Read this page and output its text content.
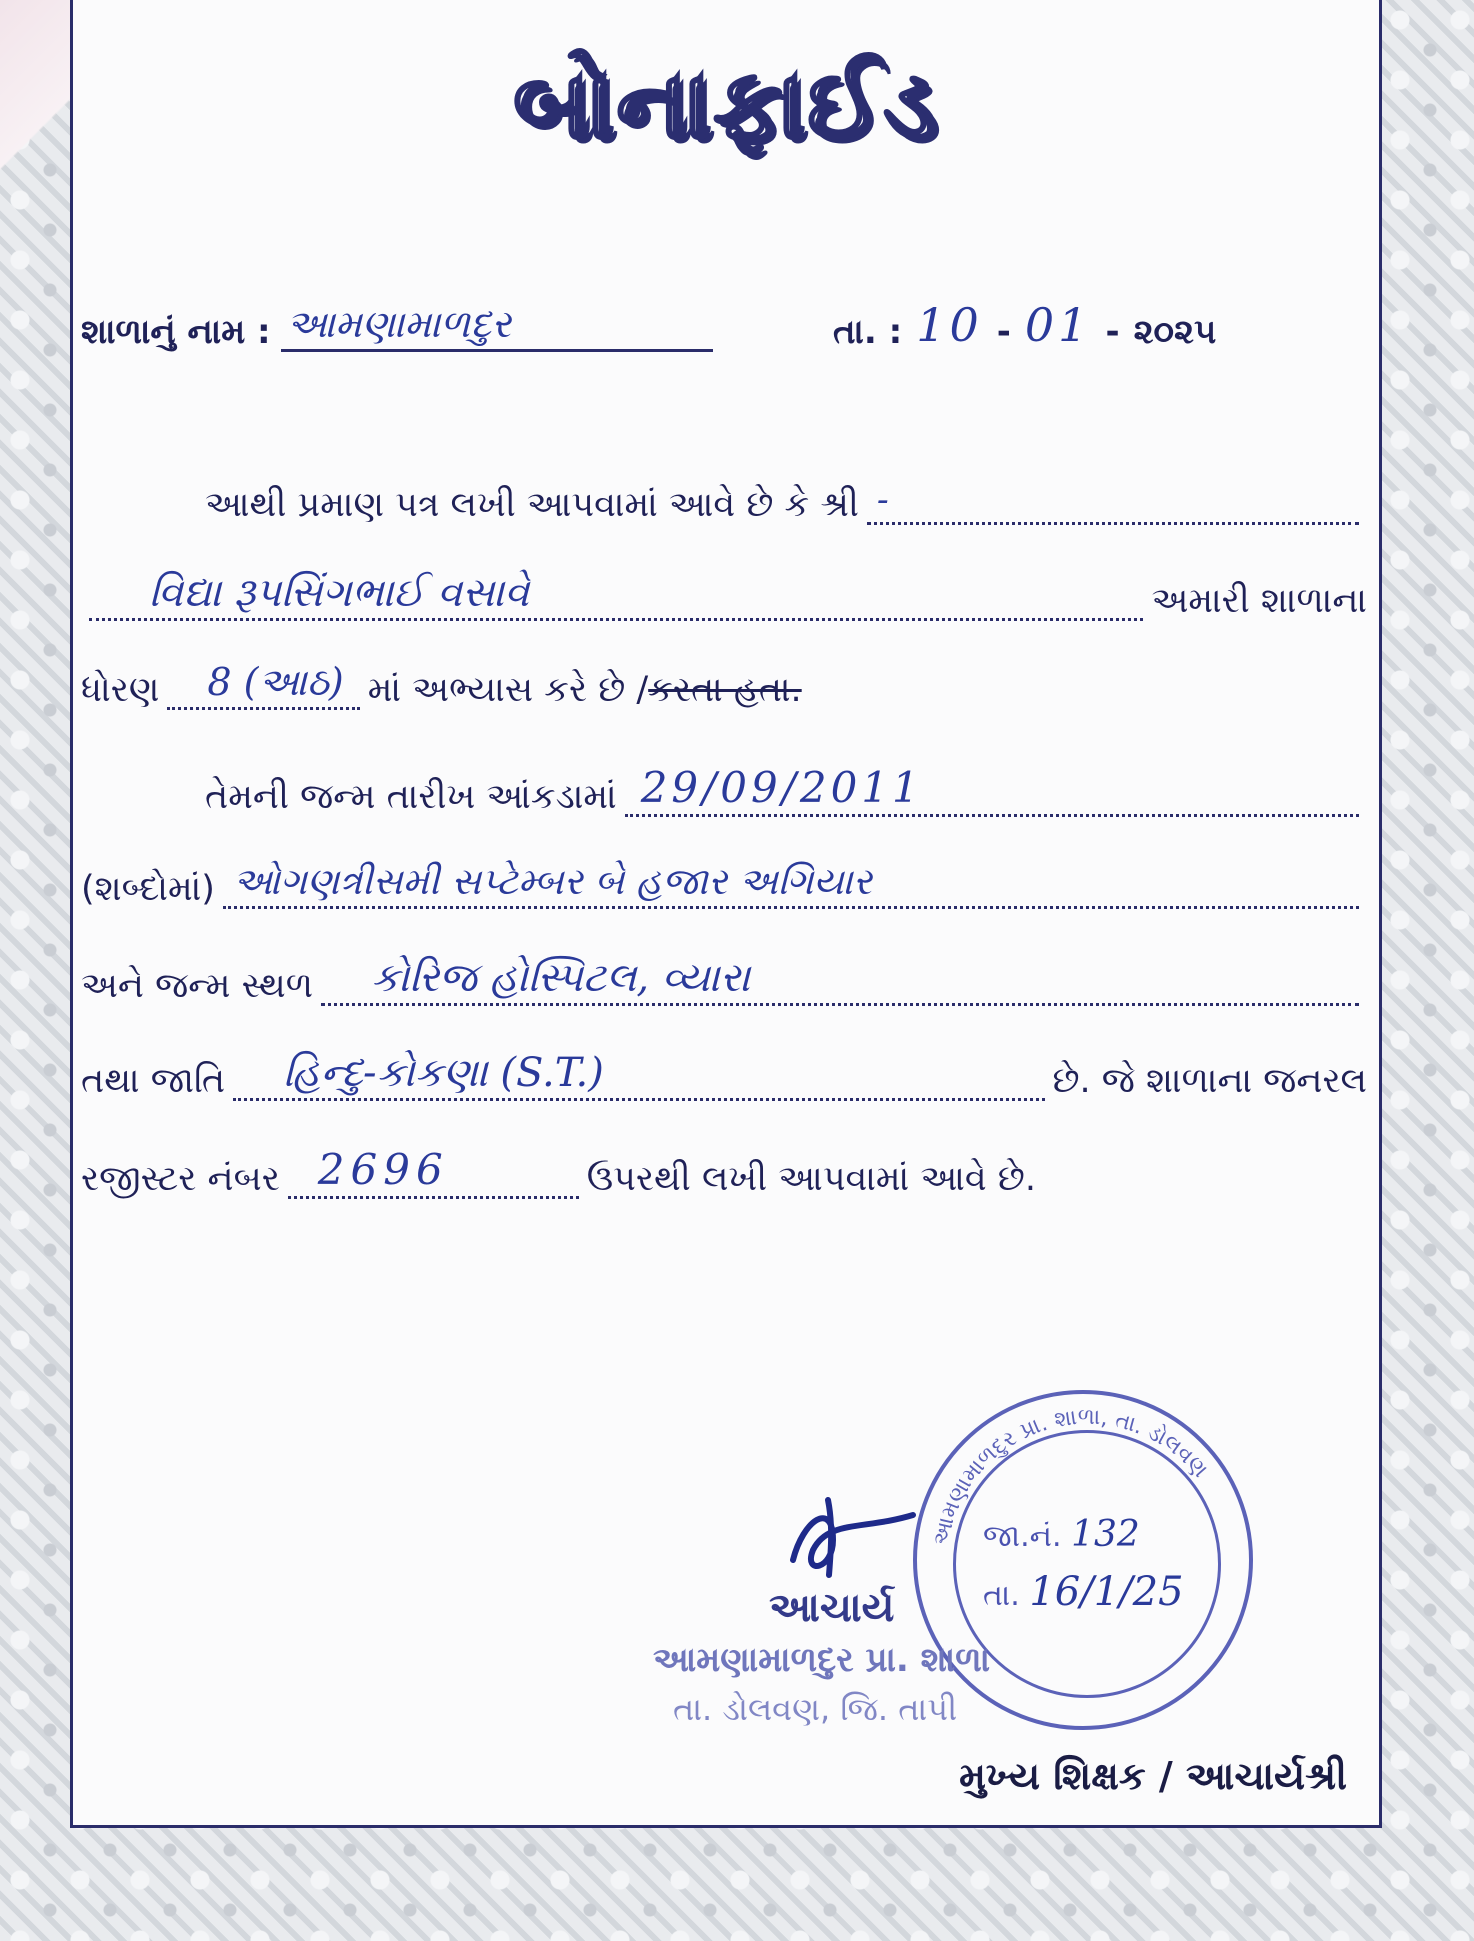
બોનાફાઈડ
શાળાનું નામ : આમણામાળદુર	તા. : 10 - 01 - ૨૦૨૫
આથી પ્રમાણ પત્ર લખી આપવામાં આવે છે કે શ્રી -
વિદ્યા રૂપસિંગભાઈ વસાવે	અમારી શાળાના
ધોરણ	8 (આઠ) માં અભ્યાસ કરે છે / કરતા હતા.
તેમની જન્મ તારીખ આંકડામાં 29/09/2011
(શબ્દોમાં) ઓગણત્રીસમી સપ્ટેમ્બર બે હજાર અગિયાર
અને જન્મ સ્થળ	કોરિજ હોસ્પિટલ, વ્યારા
તથા જાતિ	હિન્દુ-કોકણા (S.T.)	છે. જે શાળાના જનરલ
રજીસ્ટર નંબર 2696	ઉપરથી લખી આપવામાં આવે છે.
આમણામાળદુર પ્રા. શાળા, તા. ડોલવણ
જા.નં. 132
તા. 16/1/25
આચાર્ય
આમણામાળદુર પ્રા. શાળા
તા. ડોલવણ, જિ. તાપી
મુખ્ય શિક્ષક / આચાર્યશ્રી
